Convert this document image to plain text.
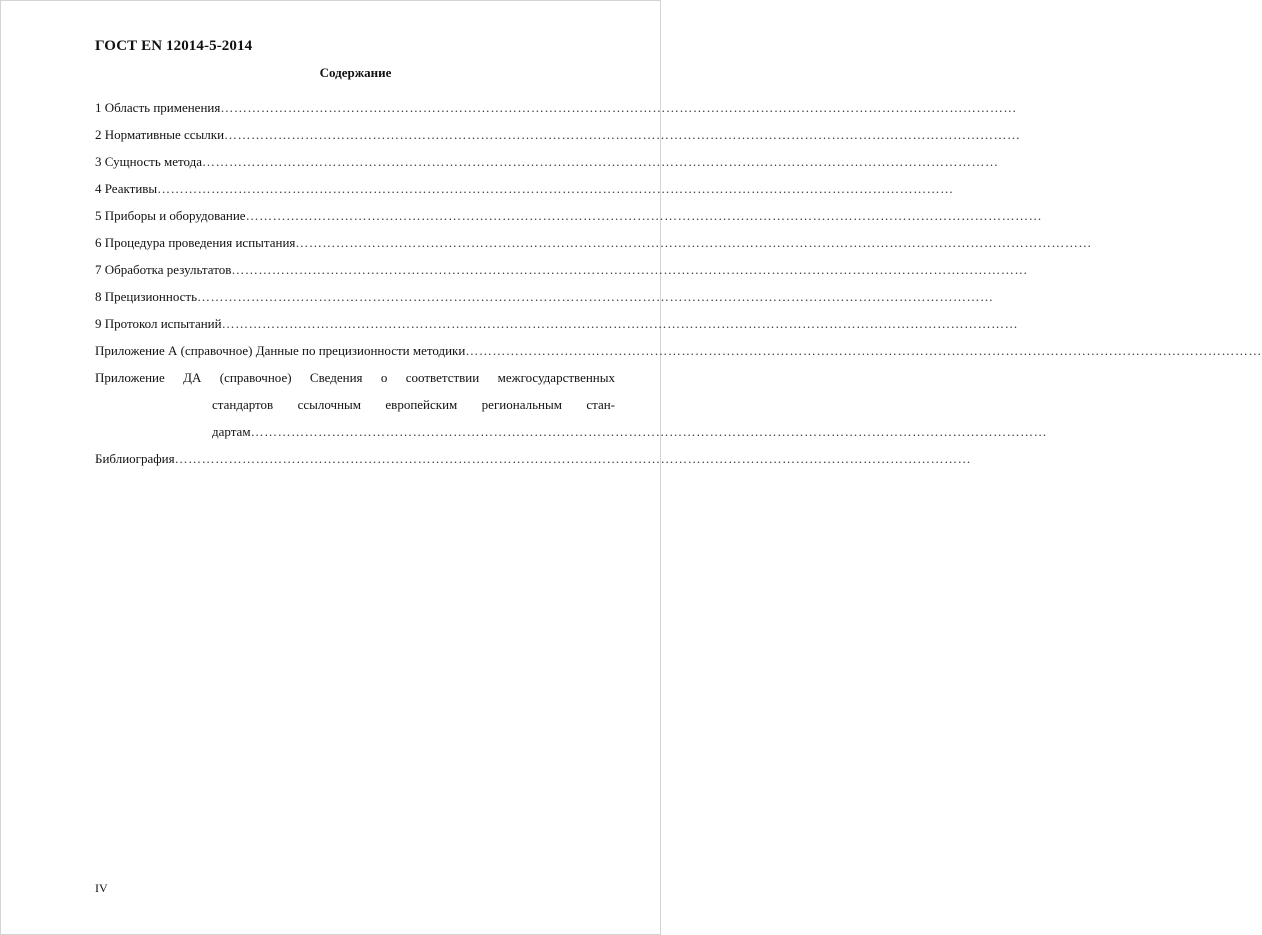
ГОСТ EN 12014-5-2014
Содержание
1 Область применения……………………………………………………………………………………………………………………………………………………………
2 Нормативные ссылки……………………………………………………………………………………………………………………………………………………………
3 Сущность метода……………………………………………………………………………………………………………………………………………………………
4 Реактивы……………………………………………………………………………………………………………………………………………………………
5 Приборы и оборудование……………………………………………………………………………………………………………………………………………………………
6 Процедура проведения испытания……………………………………………………………………………………………………………………………………………………………
7 Обработка результатов……………………………………………………………………………………………………………………………………………………………
8 Прецизионность……………………………………………………………………………………………………………………………………………………………
9 Протокол испытаний……………………………………………………………………………………………………………………………………………………………
Приложение А (справочное) Данные по прецизионности методики……………………………………………………………………………………………………………………………………………………………
Приложение ДА (справочное) Сведения о соответствии межгосударственных
стандартов ссылочным европейским региональным стан-
дартам……………………………………………………………………………………………………………………………………………………………
Библиография……………………………………………………………………………………………………………………………………………………………
IV
